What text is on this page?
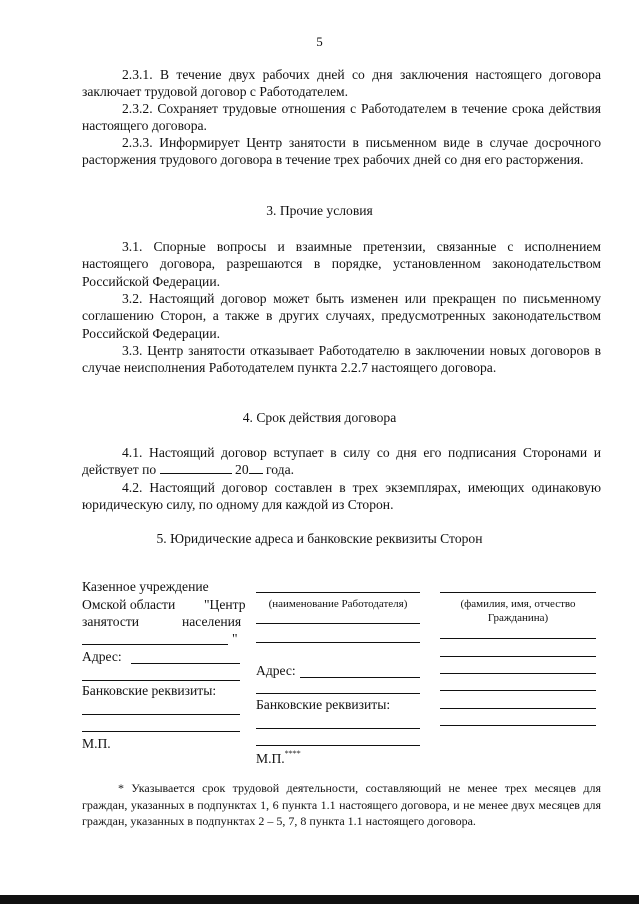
5

2.3.1. В течение двух рабочих дней со дня заключения настоящего договора заключает трудовой договор с Работодателем.

2.3.2. Сохраняет трудовые отношения с Работодателем в течение срока действия настоящего договора.

2.3.3. Информирует Центр занятости в письменном виде в случае досрочного расторжения трудового договора в течение трех рабочих дней со дня его расторжения.

3. Прочие условия

3.1. Спорные вопросы и взаимные претензии, связанные с исполнением настоящего договора, разрешаются в порядке, установленном законодательством Российской Федерации.

3.2. Настоящий договор может быть изменен или прекращен по письменному соглашению Сторон, а также в других случаях, предусмотренных законодательством Российской Федерации.

3.3. Центр занятости отказывает Работодателю в заключении новых договоров в случае неисполнения Работодателем пункта 2.2.7 настоящего договора.

4. Срок действия договора

4.1. Настоящий договор вступает в силу со дня его подписания Сторонами и действует по	20 года.

4.2. Настоящий договор составлен в трех экземплярах, имеющих одинаковую юридическую силу, по одному для каждой из Сторон.

5. Юридические адреса и банковские реквизиты Сторон

Казенное учреждение
Омской области "Центр
занятости	населения
"
Адрес:
Банковские реквизиты:
М.П.
(наименование Работодателя)
Адрес:
Банковские реквизиты:
М.П.****
(фамилия, имя, отчество
Гражданина)

* Указывается срок трудовой деятельности, составляющий не менее трех месяцев для граждан, указанных в подпунктах 1, 6 пункта 1.1 настоящего договора, и не менее двух месяцев для граждан, указанных в подпунктах 2 – 5, 7, 8 пункта 1.1 настоящего договора.
